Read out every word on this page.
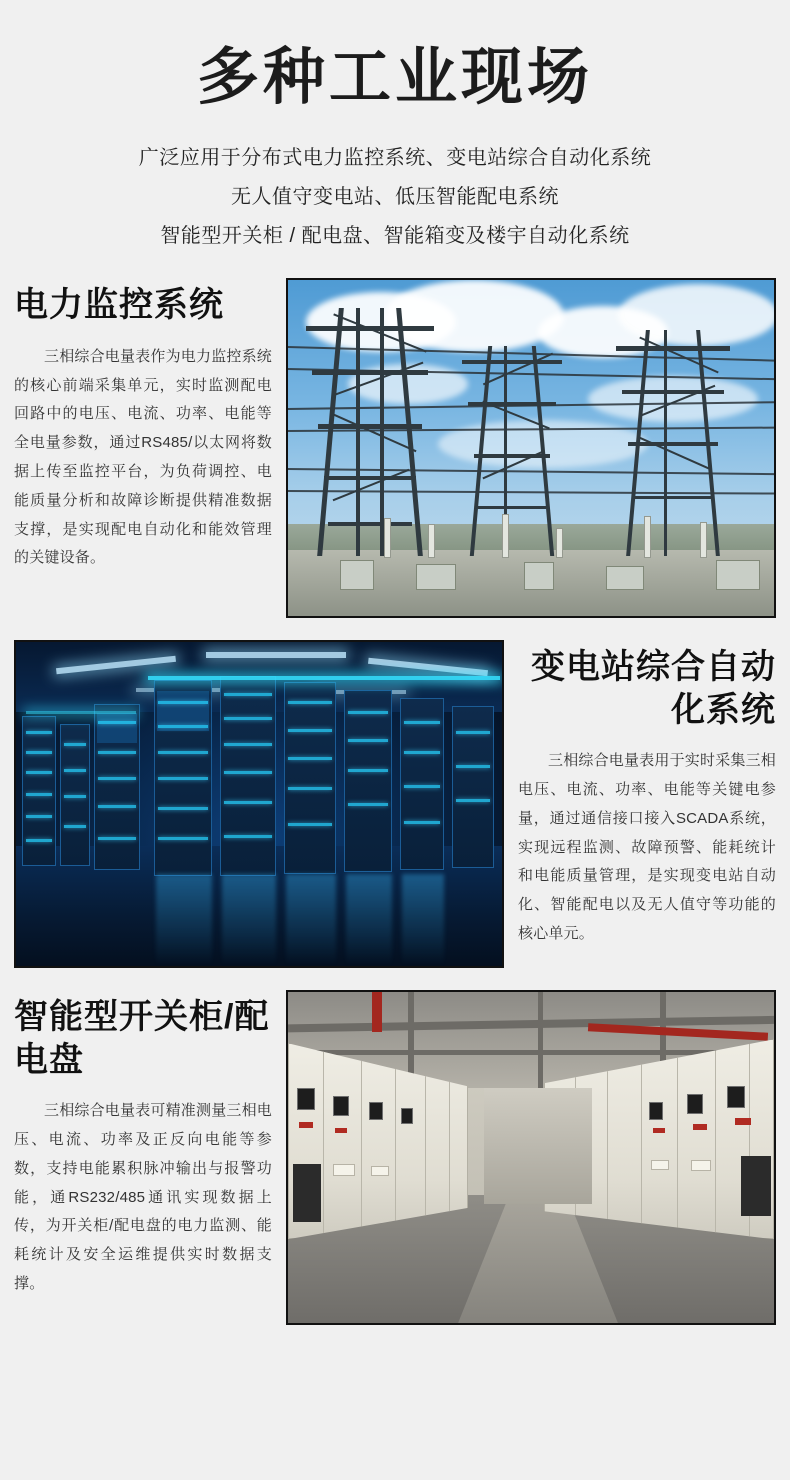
多种工业现场
广泛应用于分布式电力监控系统、变电站综合自动化系统
无人值守变电站、低压智能配电系统
智能型开关柜 / 配电盘、智能箱变及楼宇自动化系统
电力监控系统
三相综合电量表作为电力监控系统的核心前端采集单元，实时监测配电回路中的电压、电流、功率、电能等全电量参数，通过RS485/以太网将数据上传至监控平台，为负荷调控、电能质量分析和故障诊断提供精准数据支撑，是实现配电自动化和能效管理的关键设备。
变电站综合自动化系统
三相综合电量表用于实时采集三相电压、电流、功率、电能等关键电参量，通过通信接口接入SCADA系统，实现远程监测、故障预警、能耗统计和电能质量管理，是实现变电站自动化、智能配电以及无人值守等功能的核心单元。
智能型开关柜/配电盘
三相综合电量表可精准测量三相电压、电流、功率及正反向电能等参数，支持电能累积脉冲输出与报警功能，通RS232/485通讯实现数据上传，为开关柜/配电盘的电力监测、能耗统计及安全运维提供实时数据支撑。
